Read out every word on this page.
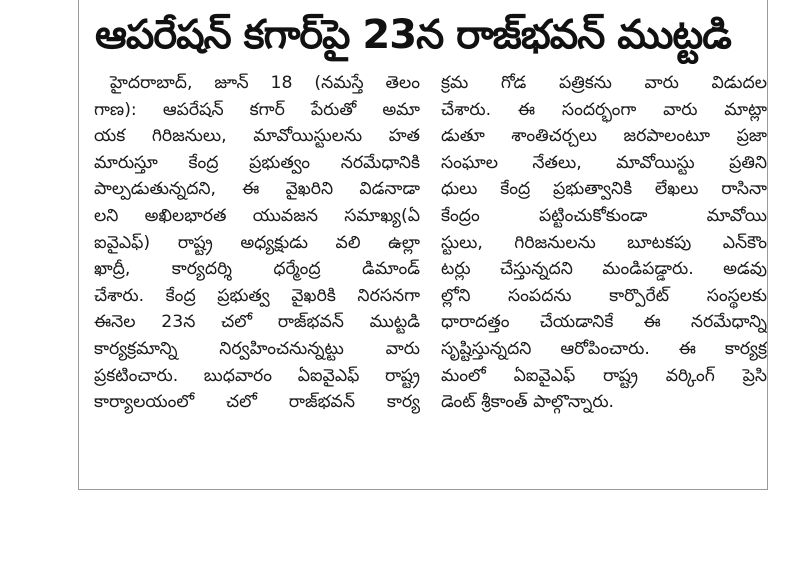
ఆపరేషన్ కగార్‌పై 23న రాజ్‌భవన్ ముట్టడి
హైదరాబాద్, జూన్ 18 (నమస్తే తెలం
గాణ): ఆపరేషన్ కగార్ పేరుతో అమా
యక గిరిజనులు, మావోయిస్టులను హత
మారుస్తూ కేంద్ర ప్రభుత్వం నరమేధానికి
పాల్పడుతున్నదని, ఈ వైఖరిని విడనాడా
లని అఖిలభారత యువజన సమాఖ్య(ఏ
ఐవైఎఫ్) రాష్ట్ర అధ్యక్షుడు వలి ఉల్లా
ఖాద్రీ, కార్యదర్శి ధర్మేంద్ర డిమాండ్
చేశారు. కేంద్ర ప్రభుత్వ వైఖరికి నిరసనగా
ఈనెల 23న చలో రాజ్‌భవన్ ముట్టడి
కార్యక్రమాన్ని నిర్వహించనున్నట్టు వారు
ప్రకటించారు. బుధవారం ఏఐవైఎఫ్ రాష్ట్ర
కార్యాలయంలో చలో రాజ్‌భవన్ కార్య
క్రమ గోడ పత్రికను వారు విడుదల
చేశారు. ఈ సందర్భంగా వారు మాట్లా
డుతూ శాంతిచర్చలు జరపాలంటూ ప్రజా
సంఘాల నేతలు, మావోయిస్టు ప్రతిని
ధులు కేంద్ర ప్రభుత్వానికి లేఖలు రాసినా
కేంద్రం పట్టించుకోకుండా మావోయి
స్టులు, గిరిజనులను బూటకపు ఎన్‌కౌం
టర్లు చేస్తున్నదని మండిపడ్డారు. అడవు
ల్లోని సంపదను కార్పొరేట్ సంస్థలకు
ధారాదత్తం చేయడానికే ఈ నరమేధాన్ని
సృష్టిస్తున్నదని ఆరోపించారు. ఈ కార్యక్ర
మంలో ఏఐవైఎఫ్ రాష్ట్ర వర్కింగ్ ప్రెసి
డెంట్ శ్రీకాంత్ పాల్గొన్నారు.
